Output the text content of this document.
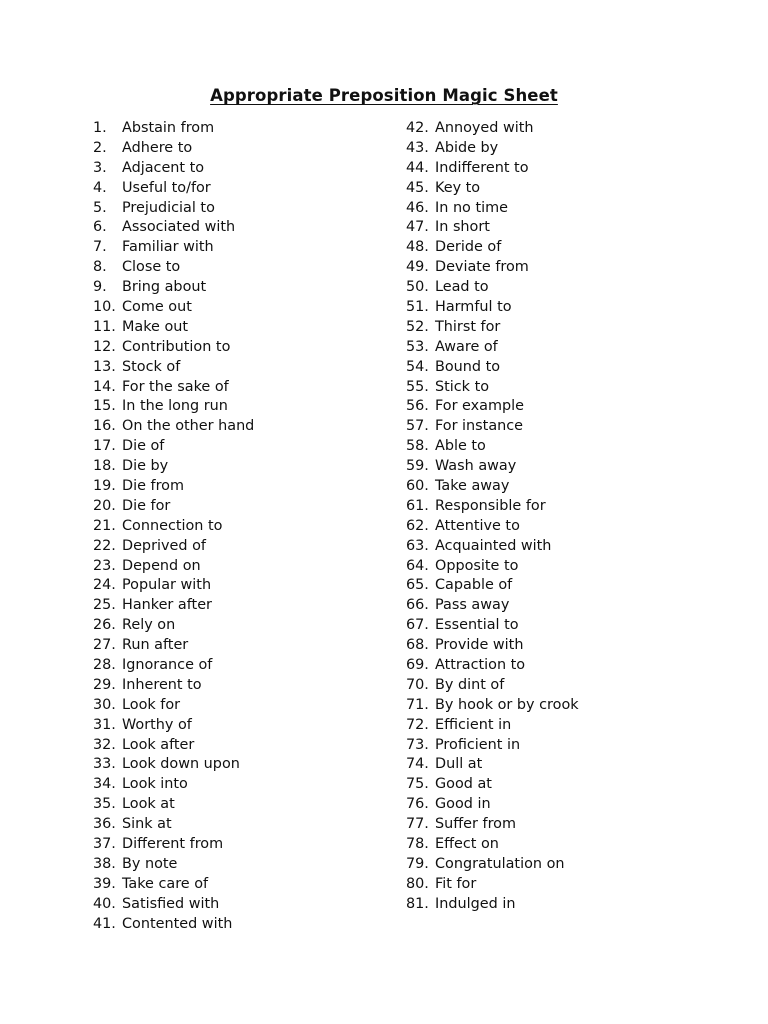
Appropriate Preposition Magic Sheet
1.	Abstain from
2.	Adhere to
3.	Adjacent to
4.	Useful to/for
5.	Prejudicial to
6.	Associated with
7.	Familiar with
8.	Close to
9.	Bring about
10. Come out
11. Make out
12. Contribution to
13. Stock of
14. For the sake of
15. In the long run
16. On the other hand
17. Die of
18. Die by
19. Die from
20. Die for
21. Connection to
22. Deprived of
23. Depend on
24. Popular with
25. Hanker after
26. Rely on
27. Run after
28. Ignorance of
29. Inherent to
30. Look for
31. Worthy of
32. Look after
33. Look down upon
34. Look into
35. Look at
36. Sink at
37. Different from
38. By note
39. Take care of
40. Satisfied with
41. Contented with
42. Annoyed with
43. Abide by
44. Indifferent to
45. Key to
46. In no time
47. In short
48. Deride of
49. Deviate from
50. Lead to
51. Harmful to
52. Thirst for
53. Aware of
54. Bound to
55. Stick to
56. For example
57. For instance
58. Able to
59. Wash away
60. Take away
61. Responsible for
62. Attentive to
63. Acquainted with
64. Opposite to
65. Capable of
66. Pass away
67. Essential to
68. Provide with
69. Attraction to
70. By dint of
71. By hook or by crook
72. Efficient in
73. Proficient in
74. Dull at
75. Good at
76. Good in
77. Suffer from
78. Effect on
79. Congratulation on
80. Fit for
81. Indulged in
